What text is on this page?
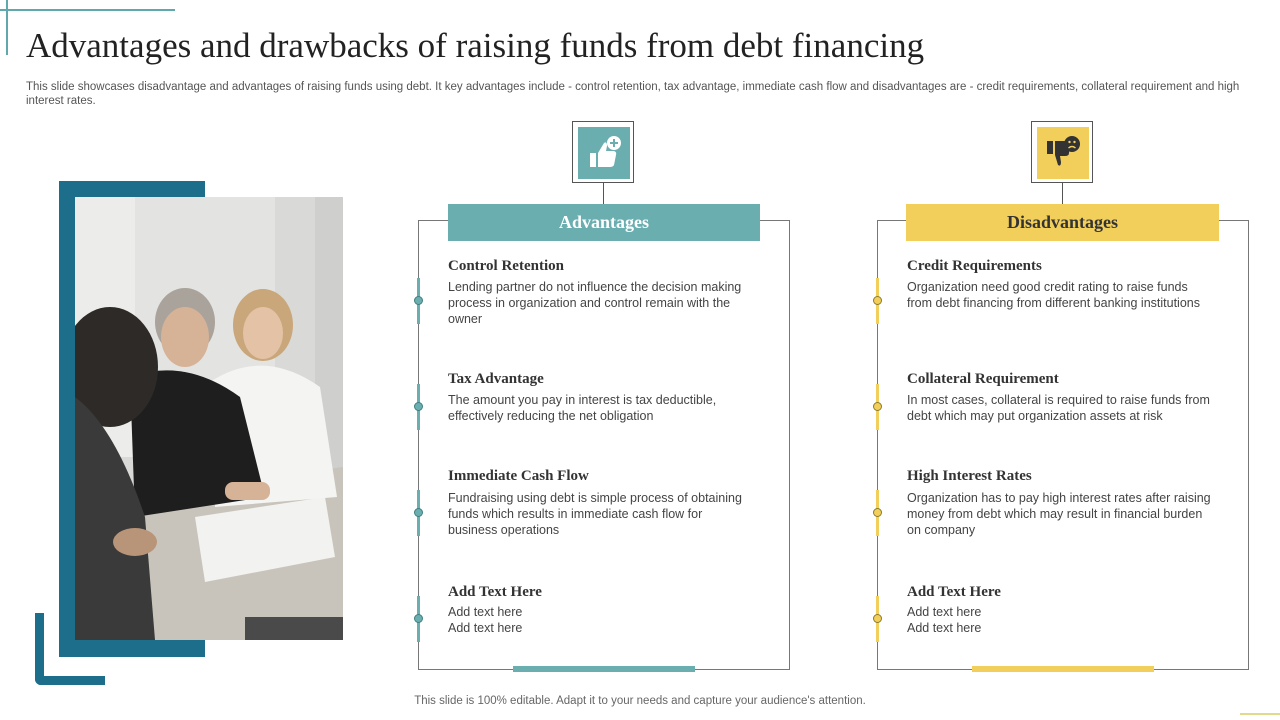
Advantages and drawbacks of raising funds from debt financing
This slide showcases disadvantage and advantages of raising funds using debt. It key advantages include - control retention, tax advantage, immediate cash flow and disadvantages are - credit requirements, collateral requirement and high interest rates.
Advantages
Control Retention
Lending partner do not influence the decision making process in organization and control remain with the owner
Tax Advantage
The amount you pay in interest is tax deductible, effectively reducing the net obligation
Immediate Cash Flow
Fundraising using debt is simple process of obtaining funds which results in immediate cash flow for business operations
Add Text Here
Add text here
Add text here
Disadvantages
Credit Requirements
Organization need good credit rating to raise funds from debt financing from different banking institutions
Collateral Requirement
In most cases, collateral is required to raise funds from debt which may put organization assets at risk
High Interest Rates
Organization has to pay high interest rates after raising money from debt which may result in financial burden on company
Add Text Here
Add text here
Add text here
This slide is 100% editable. Adapt it to your needs and capture your audience's attention.
